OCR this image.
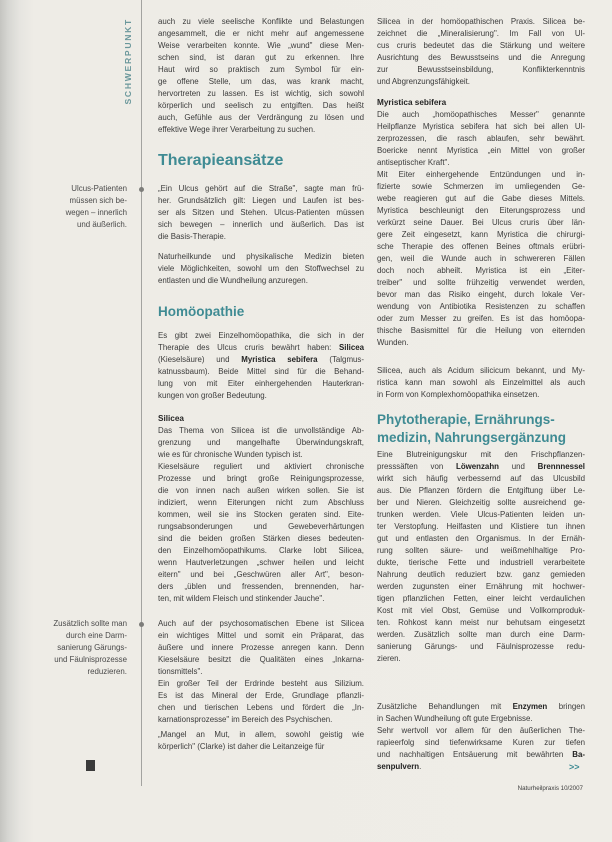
SCHWERPUNKT	auch zu viele seelische Konflikte und Belastungen
angesammelt, die er nicht mehr auf angemessene
Weise verarbeiten konnte. Wie „wund" diese Men-
schen sind, ist daran gut zu erkennen. Ihre
Haut wird so praktisch zum Symbol für ein-
ge offene Stelle, um das, was krank macht,
hervortreten zu lassen. Es ist wichtig, sich sowohl
körperlich und seelisch zu entgiften. Das heißt
auch, Gefühle aus der Verdrängung zu lösen und
effektive Wege ihrer Verarbeitung zu suchen.
Therapieansätze
„Ein Ulcus gehört auf die Straße", sagte man frü-
her. Grundsätzlich gilt: Liegen und Laufen ist bes-
ser als Sitzen und Stehen. Ulcus-Patienten müssen
sich bewegen – innerlich und äußerlich. Das ist
die Basis-Therapie.
Naturheilkunde und physikalische Medizin bieten
viele Möglichkeiten, sowohl um den Stoffwechsel zu
entlasten und die Wundheilung anzuregen.
Homöopathie
Es gibt zwei Einzelhomöopathika, die sich in der
Therapie des Ulcus cruris bewährt haben: Silicea
(Kieselsäure) und Myristica sebifera (Talgmus-
katnussbaum). Beide Mittel sind für die Behand-
lung von mit Eiter einhergehenden Hauterkran-
kungen von großer Bedeutung.
Silicea
Das Thema von Silicea ist die unvollständige Ab-
grenzung und mangelhafte Überwindungskraft,
wie es für chronische Wunden typisch ist.
Kieselsäure reguliert und aktiviert chronische
Prozesse und bringt große Reinigungsprozesse,
die von innen nach außen wirken sollen. Sie ist
indiziert, wenn Eiterungen nicht zum Abschluss
kommen, weil sie ins Stocken geraten sind. Eite-
rungsabsonderungen und Gewebeverhärtungen
sind die beiden großen Stärken dieses bedeuten-
den Einzelhomöopathikums. Clarke lobt Silicea,
wenn Hautverletzungen „schwer heilen und leicht
eitern" und bei „Geschwüren aller Art", beson-
ders „üblen und fressenden, brennenden, har-
ten, mit wildem Fleisch und stinkender Jauche".
Auch auf der psychosomatischen Ebene ist Silicea
ein wichtiges Mittel und somit ein Präparat, das
äußere und innere Prozesse anregen kann. Denn
Kieselsäure besitzt die Qualitäten eines „Inkarna-
tionsmittels".
Ein großer Teil der Erdrinde besteht aus Silizium.
Es ist das Mineral der Erde, Grundlage pflanzli-
chen und tierischen Lebens und fördert die „In-
karnationsprozesse" im Bereich des Psychischen.
„Mangel an Mut, in allem, sowohl geistig wie
körperlich" (Clarke) ist daher die Leitanzeige für
Silicea in der homöopathischen Praxis. Silicea be-
zeichnet die „Mineralisierung". Im Fall von Ul-
cus cruris bedeutet das die Stärkung und weitere
Ausrichtung des Bewusstseins und die Anregung
zur Bewusstseinsbildung, Konflikterkenntnis
und Abgrenzungsfähigkeit.
Myristica sebifera
Die auch „homöopathisches Messer" genannte
Heilpflanze Myristica sebifera hat sich bei allen Ul-
zerprozessen, die rasch ablaufen, sehr bewährt.
Boericke nennt Myristica „ein Mittel von großer
antiseptischer Kraft".
Mit Eiter einhergehende Entzündungen und in-
fizierte sowie Schmerzen im umliegenden Ge-
webe reagieren gut auf die Gabe dieses Mittels.
Myristica beschleunigt den Eiterungsprozess und
verkürzt seine Dauer. Bei Ulcus cruris über län-
gere Zeit eingesetzt, kann Myristica die chirurgi-
sche Therapie des offenen Beines oftmals erübri-
gen, weil die Wunde auch in schwereren Fällen
doch noch abheilt. Myristica ist ein „Eiter-
treiber" und sollte frühzeitig verwendet werden,
bevor man das Risiko eingeht, durch lokale Ver-
wendung von Antibiotika Resistenzen zu schaffen
oder zum Messer zu greifen. Es ist das homöopa-
thische Basismittel für die Heilung von eiternden
Wunden.
Silicea, auch als Acidum silicicum bekannt, und My-
ristica kann man sowohl als Einzelmittel als auch
in Form von Komplexhomöopathika einsetzen.
Phytotherapie, Ernährungs-
medizin, Nahrungsergänzung
Eine Blutreinigungskur mit den Frischpflanzen-
presssäften von Löwenzahn und Brennnessel
wirkt sich häufig verbessernd auf das Ulcusbild
aus. Die Pflanzen fördern die Entgiftung über Le-
ber und Nieren. Gleichzeitig sollte ausreichend ge-
trunken werden. Viele Ulcus-Patienten leiden un-
ter Verstopfung. Heilfasten und Klistiere tun ihnen
gut und entlasten den Organismus. In der Ernäh-
rung sollten säure- und weißmehlhaltige Pro-
dukte, tierische Fette und industriell verarbeitete
Nahrung deutlich reduziert bzw. ganz gemieden
werden zugunsten einer Ernährung mit hochwer-
tigen pflanzlichen Fetten, einer leicht verdaulichen
Kost mit viel Obst, Gemüse und Vollkornproduk-
ten. Rohkost kann meist nur behutsam eingesetzt
werden. Zusätzlich sollte man durch eine Darm-
sanierung Gärungs- und Fäulnisprozesse redu-
zieren.
Zusätzliche Behandlungen mit Enzymen bringen
in Sachen Wundheilung oft gute Ergebnisse.
Sehr wertvoll vor allem für den äußerlichen The-
rapieerfolg sind tiefenwirksame Kuren zur tiefen
und nachhaltigen Entsäuerung mit bewährten Ba-
senpulvern.
Ulcus-Patienten
müssen sich be-
wegen – innerlich
und äußerlich.
Zusätzlich sollte man
durch eine Darm-
sanierung Gärungs-
und Fäulnisprozesse
reduzieren.
>>
Naturheilpraxis 10/2007
